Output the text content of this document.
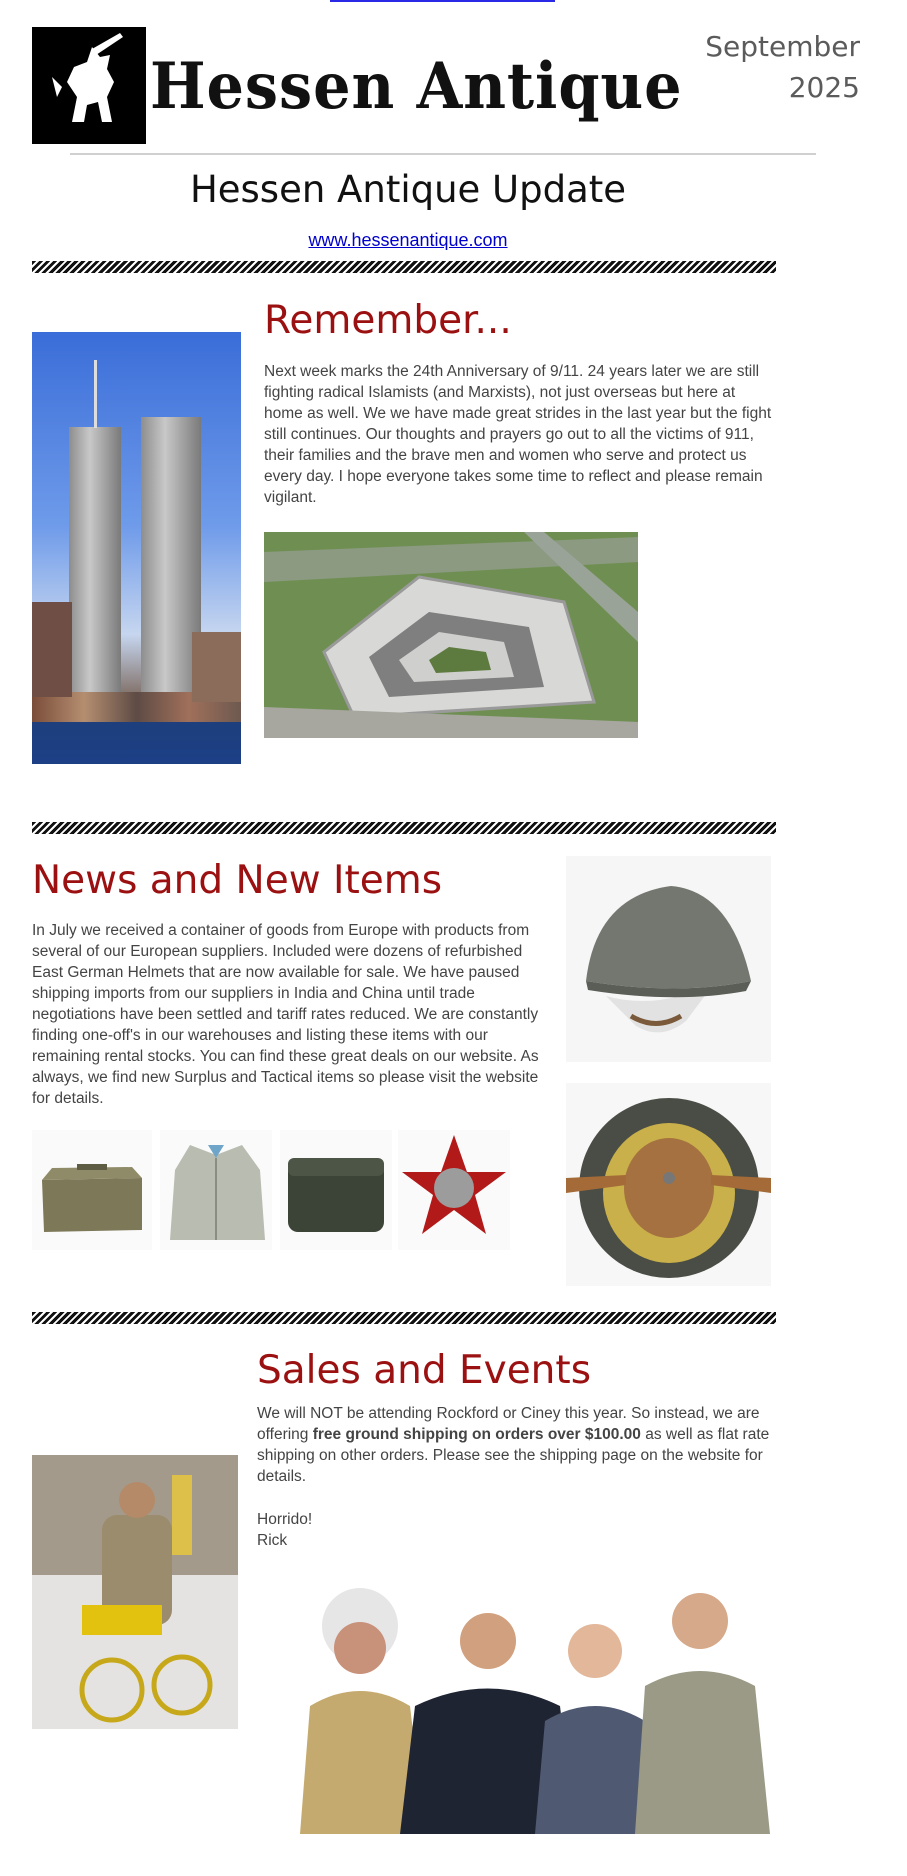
Hessen Antique
September
2025
Hessen Antique Update
www.hessenantique.com
Remember...
Next week marks the 24th Anniversary of 9/11. 24 years later we are still fighting radical Islamists (and Marxists), not just overseas but here at home as well. We we have made great strides in the last year but the fight still continues. Our thoughts and prayers go out to all the victims of 911, their families and the brave men and women who serve and protect us every day. I hope everyone takes some time to reflect and please remain vigilant.
News and New Items
In July we received a container of goods from Europe with products from several of our European suppliers. Included were dozens of refurbished East German Helmets that are now available for sale. We have paused shipping imports from our suppliers in India and China until trade negotiations have been settled and tariff rates reduced. We are constantly finding one-off's in our warehouses and listing these items with our remaining rental stocks. You can find these great deals on our website. As always, we find new Surplus and Tactical items so please visit the website for details.
Sales and Events
We will NOT be attending Rockford or Ciney this year. So instead, we are offering free ground shipping on orders over $100.00 as well as flat rate shipping on other orders. Please see the shipping page on the website for details.
Horrido!
Rick
